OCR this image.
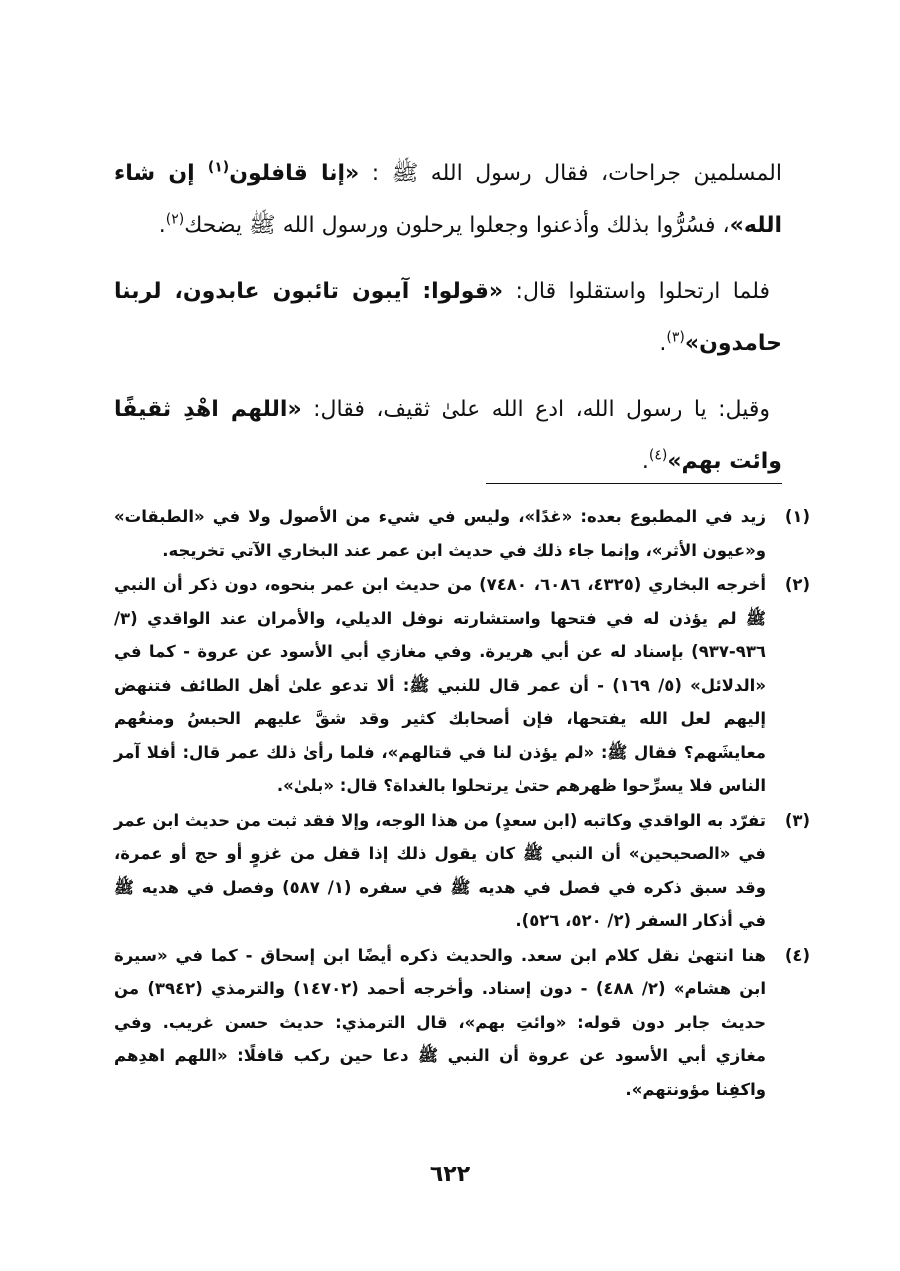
المسلمين جراحات، فقال رسول الله ﷺ : «إنا قافلون$^{(١)}$ إن شاء الله»، فسُرُّوا بذلك وأذعنوا وجعلوا يرحلون ورسول الله ﷺ يضحك$^{(٢)}$.

فلما ارتحلوا واستقلوا قال: «قولوا: آيبون تائبون عابدون، لربنا حامدون»$^{(٣)}$.

وقيل: يا رسول الله، ادع الله علىٰ ثقيف، فقال: «اللهم اهْدِ ثقيفًا وائت بهم»$^{(٤)}$.

(١)
زيد في المطبوع بعده: «غدًا»، وليس في شيء من الأصول ولا في «الطبقات» و«عيون الأثر»، وإنما جاء ذلك في حديث ابن عمر عند البخاري الآتي تخريجه.
(٢)
أخرجه البخاري (٤٣٢٥، ٦٠٨٦، ٧٤٨٠) من حديث ابن عمر بنحوه، دون ذكر أن النبي ﷺ لم يؤذن له في فتحها واستشارته نوفل الديلي، والأمران عند الواقدي (٣/ ٩٣٦-٩٣٧) بإسناد له عن أبي هريرة. وفي مغازي أبي الأسود عن عروة - كما في «الدلائل» (٥/ ١٦٩) - أن عمر قال للنبي ﷺ: ألا تدعو علىٰ أهل الطائف فتنهض إليهم لعل الله يفتحها، فإن أصحابك كثير وقد شقَّ عليهم الحبسُ ومنعُهم معايشَهم؟ فقال ﷺ: «لم يؤذن لنا في قتالهم»، فلما رأىٰ ذلك عمر قال: أفلا آمر الناس فلا يسرِّحوا ظهرهم حتىٰ يرتحلوا بالغداة؟ قال: «بلىٰ».
(٣)
تفرّد به الواقدي وكاتبه (ابن سعدٍ) من هذا الوجه، وإلا فقد ثبت من حديث ابن عمر في «الصحيحين» أن النبي ﷺ كان يقول ذلك إذا قفل من غزوٍ أو حج أو عمرة، وقد سبق ذكره في فصل في هديه ﷺ في سفره (١/ ٥٨٧) وفصل في هديه ﷺ في أذكار السفر (٢/ ٥٢٠، ٥٢٦).
(٤)
هنا انتهىٰ نقل كلام ابن سعد. والحديث ذكره أيضًا ابن إسحاق - كما في «سيرة ابن هشام» (٢/ ٤٨٨) - دون إسناد. وأخرجه أحمد (١٤٧٠٢) والترمذي (٣٩٤٢) من حديث جابر دون قوله: «وائتِ بهم»، قال الترمذي: حديث حسن غريب. وفي مغازي أبي الأسود عن عروة أن النبي ﷺ دعا حين ركب قافلًا: «اللهم اهدِهم واكفِنا مؤونتهم».
٦٢٢
